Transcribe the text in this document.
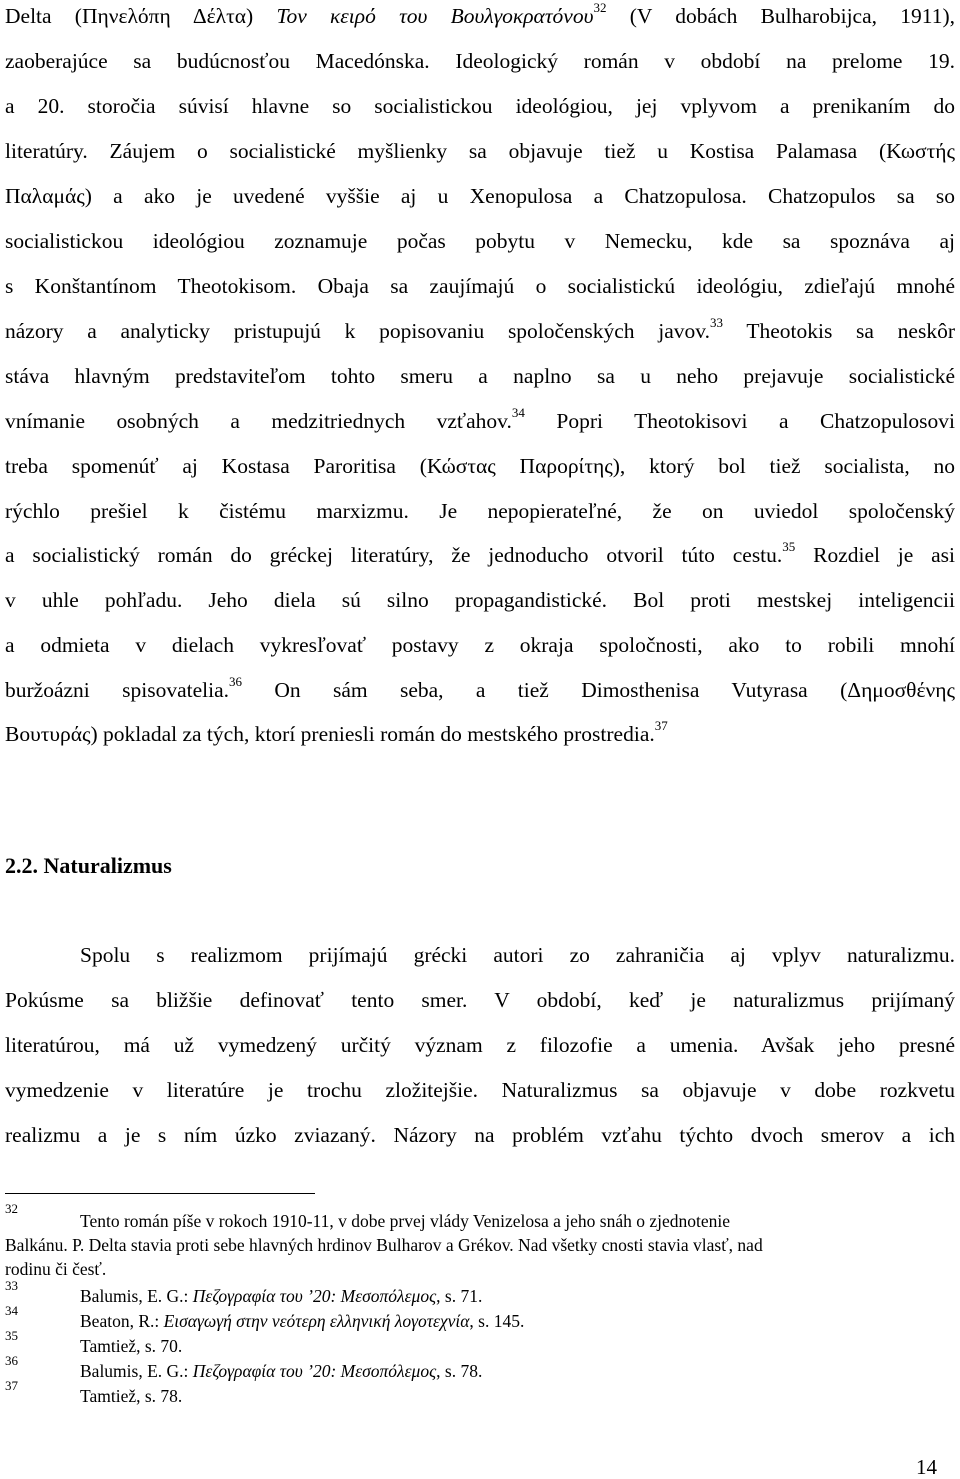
Delta (Πηνελόπη Δέλτα) Τον κειρό του Βουλγοκρατόνου$^{32}$ (V dobách Bulharobijca, 1911),
zaoberajúce sa budúcnosťou Macedónska. Ideologický román v období na prelome 19.
a 20. storočia súvisí hlavne so socialistickou ideológiou, jej vplyvom a prenikaním do
literatúry. Záujem o socialistické myšlienky sa objavuje tiež u Kostisa Palamasa (Κωστής
Παλαμάς) a ako je uvedené vyššie aj u Xenopulosa a Chatzopulosa. Chatzopulos sa so
socialistickou ideológiou zoznamuje počas pobytu v Nemecku, kde sa spoznáva aj
s Konštantínom Theotokisom. Obaja sa zaujímajú o socialistickú ideológiu, zdieľajú mnohé
názory a analyticky pristupujú k popisovaniu spoločenských javov.$^{33}$ Theotokis sa neskôr
stáva hlavným predstaviteľom tohto smeru a naplno sa u neho prejavuje socialistické
vnímanie osobných a medzitriednych vzťahov.$^{34}$ Popri Theotokisovi a Chatzopulosovi
treba spomenúť aj Kostasa Paroritisa (Κώστας Παρορίτης), ktorý bol tiež socialista, no
rýchlo prešiel k čistému marxizmu. Je nepopierateľné, že on uviedol spoločenský
a socialistický román do gréckej literatúry, že jednoducho otvoril túto cestu.$^{35}$ Rozdiel je asi
v uhle pohľadu. Jeho diela sú silno propagandistické. Bol proti mestskej inteligencii
a odmieta v dielach vykresľovať postavy z okraja spoločnosti, ako to robili mnohí
buržoázni spisovatelia.$^{36}$ On sám seba, a tiež Dimosthenisa Vutyrasa (Δημοσθένης
Βουτυράς) pokladal za tých, ktorí preniesli román do mestského prostredia.$^{37}$
2.2. Naturalizmus
Spolu s realizmom prijímajú grécki autori zo zahraničia aj vplyv naturalizmu.
Pokúsme sa bližšie definovať tento smer. V období, keď je naturalizmus prijímaný
literatúrou, má už vymedzený určitý význam z filozofie a umenia. Avšak jeho presné
vymedzenie v literatúre je trochu zložitejšie. Naturalizmus sa objavuje v dobe rozkvetu
realizmu a je s ním úzko zviazaný. Názory na problém vzťahu týchto dvoch smerov a ich
32
Tento román píše v rokoch 1910-11, v dobe prvej vlády Venizelosa a jeho snáh o zjednotenie
Balkánu. P. Delta stavia proti sebe hlavných hrdinov Bulharov a Grékov. Nad všetky cnosti stavia vlasť, nad
rodinu či česť.
33
Balumis, E. G.: Πεζογραφία του ’20: Μεσοπόλεμος, s. 71.
34
Beaton, R.: Εισαγωγή στην νεότερη ελληνική λογοτεχνία, s. 145.
35
Tamtiež, s. 70.
36
Balumis, E. G.: Πεζογραφία του ’20: Μεσοπόλεμος, s. 78.
37
Tamtiež, s. 78.
14
